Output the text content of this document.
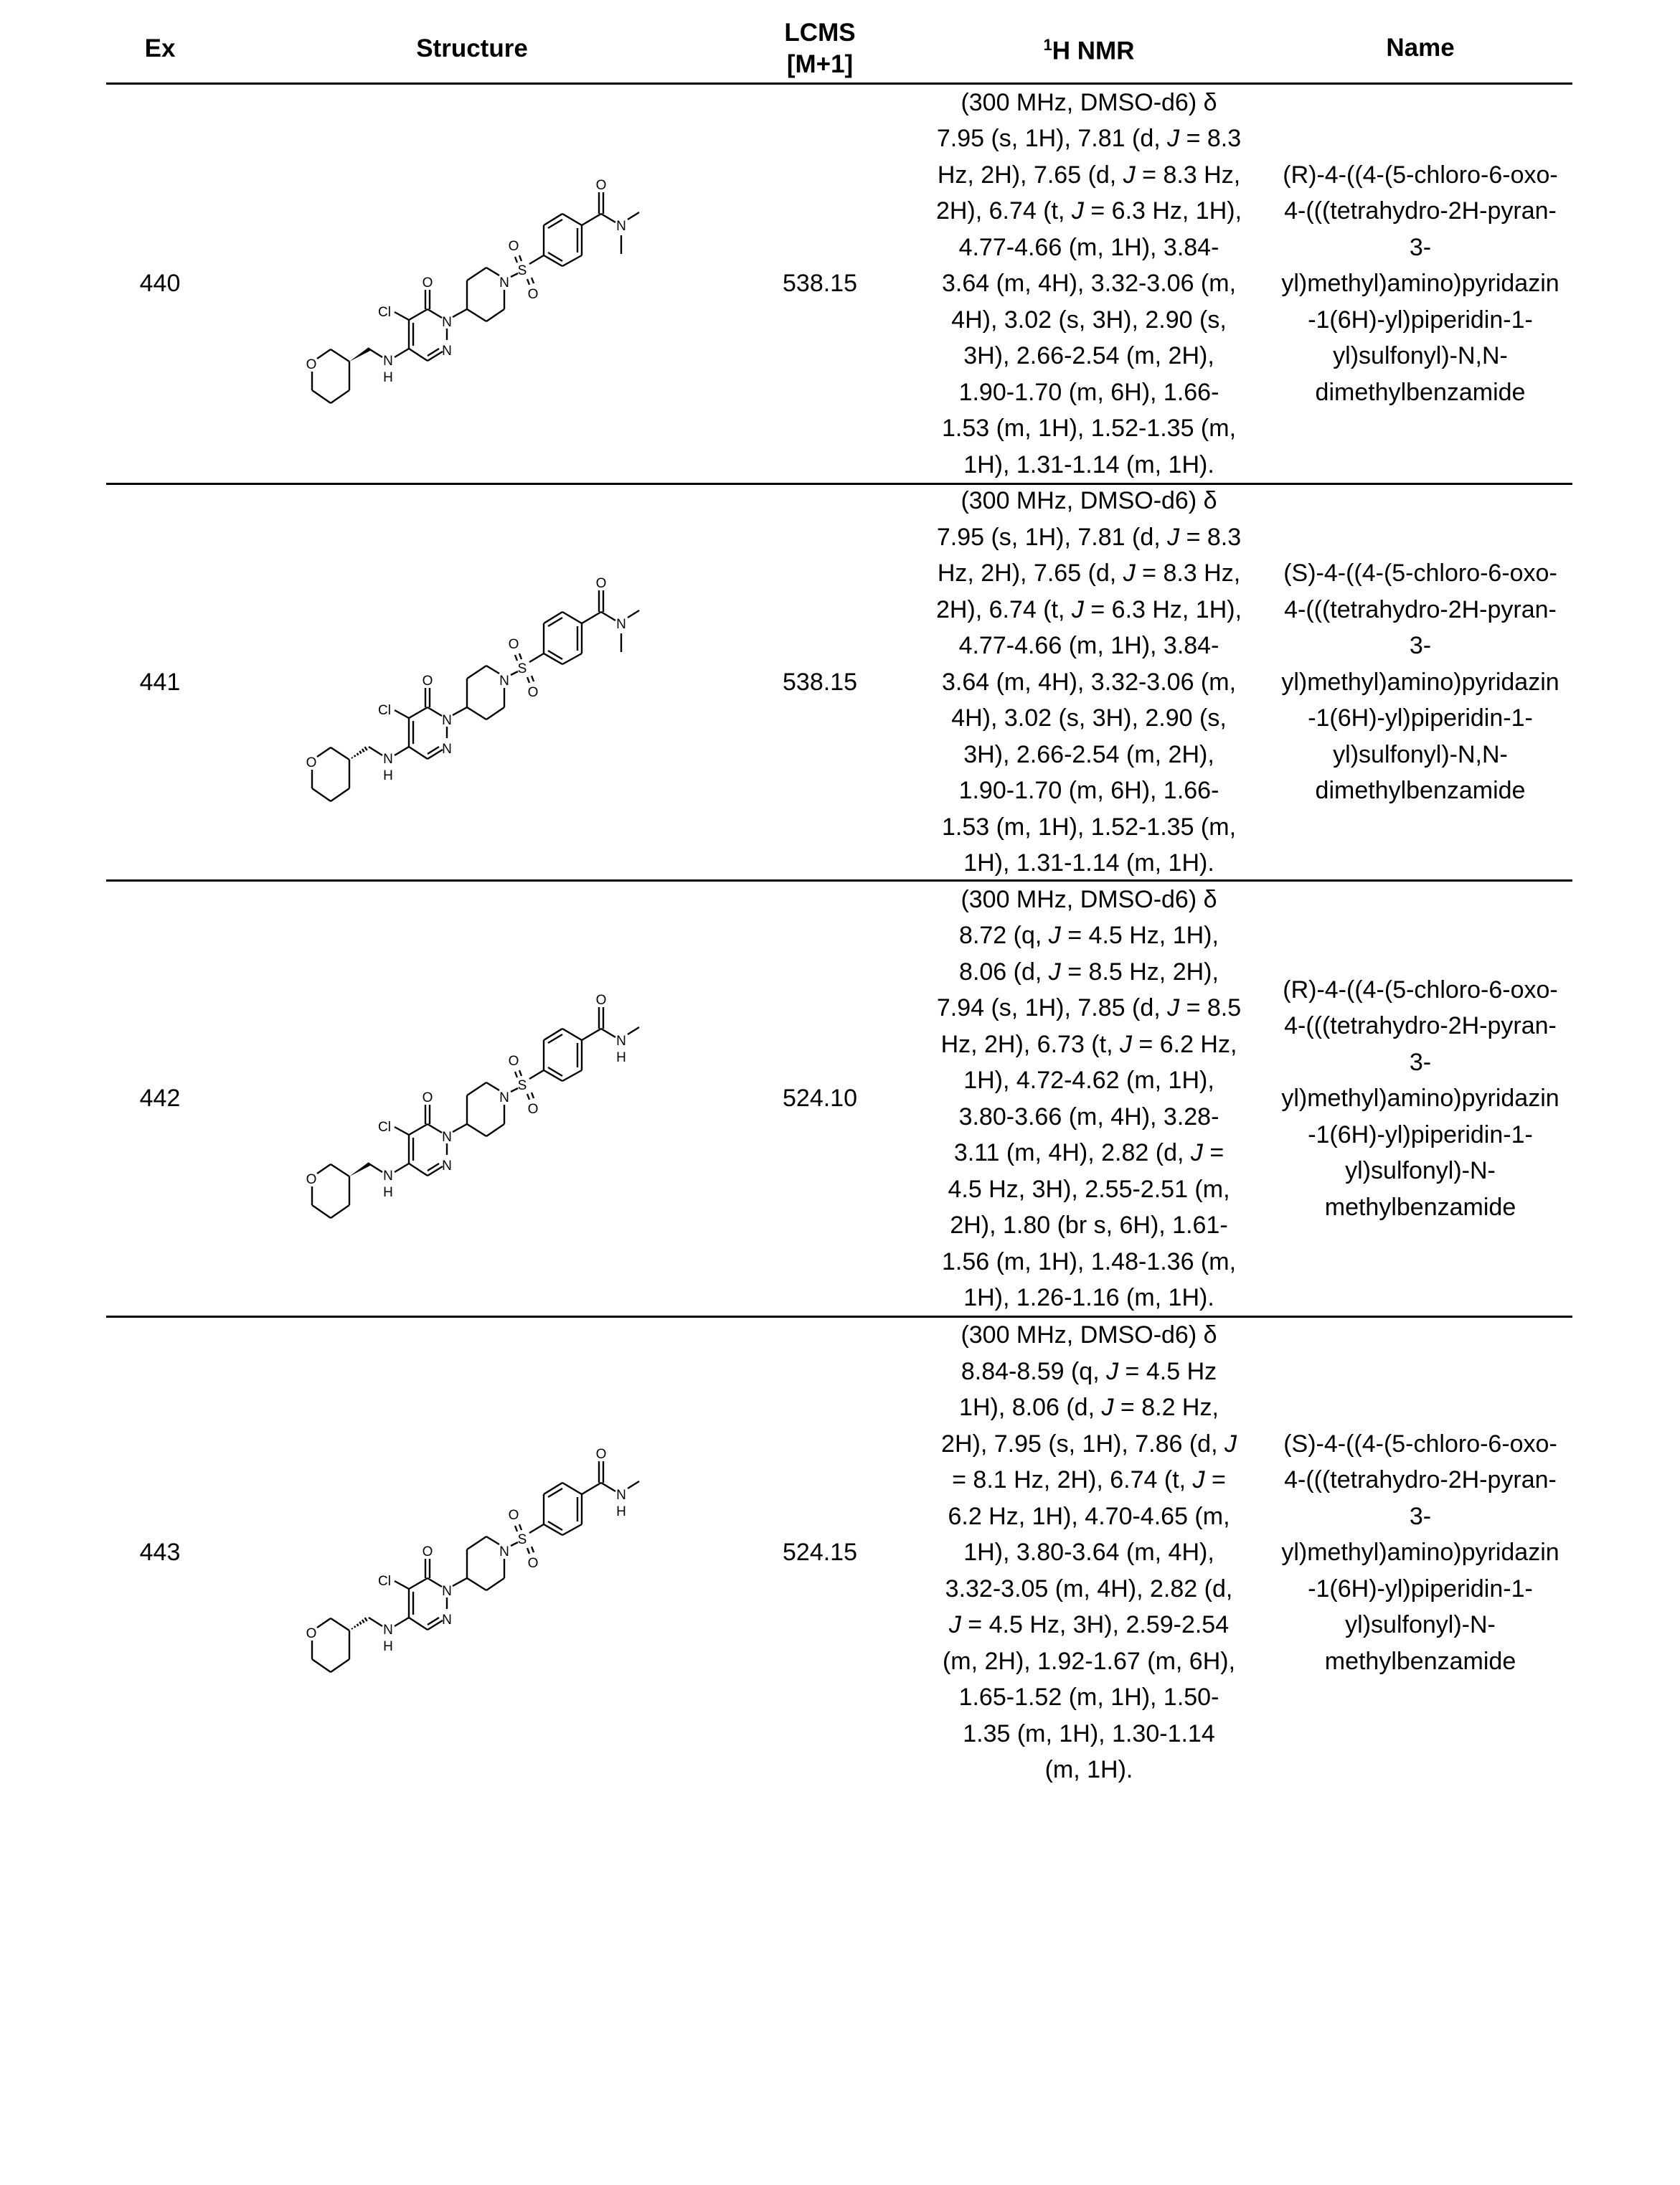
Ex	Structure
LCMS
[M+1]
1H NMR	Name
440
O	N
H
Cl
O
N
N
N
S
O
O
O
N
538.15
(300 MHz, DMSO-d6) δ
7.95 (s, 1H), 7.81 (d, J = 8.3
Hz, 2H), 7.65 (d, J = 8.3 Hz,
2H), 6.74 (t, J = 6.3 Hz, 1H),
4.77-4.66 (m, 1H), 3.84-
3.64 (m, 4H), 3.32-3.06 (m,
4H), 3.02 (s, 3H), 2.90 (s,
3H), 2.66-2.54 (m, 2H),
1.90-1.70 (m, 6H), 1.66-
1.53 (m, 1H), 1.52-1.35 (m,
1H), 1.31-1.14 (m, 1H).
(R)-4-((4-(5-chloro-6-oxo-
4-(((tetrahydro-2H-pyran-
3-
yl)methyl)amino)pyridazin
-1(6H)-yl)piperidin-1-
yl)sulfonyl)-N,N-
dimethylbenzamide
441
O	N
H
Cl
O
N
N
N
S
O
O
O
N
538.15
(300 MHz, DMSO-d6) δ
7.95 (s, 1H), 7.81 (d, J = 8.3
Hz, 2H), 7.65 (d, J = 8.3 Hz,
2H), 6.74 (t, J = 6.3 Hz, 1H),
4.77-4.66 (m, 1H), 3.84-
3.64 (m, 4H), 3.32-3.06 (m,
4H), 3.02 (s, 3H), 2.90 (s,
3H), 2.66-2.54 (m, 2H),
1.90-1.70 (m, 6H), 1.66-
1.53 (m, 1H), 1.52-1.35 (m,
1H), 1.31-1.14 (m, 1H).
(S)-4-((4-(5-chloro-6-oxo-
4-(((tetrahydro-2H-pyran-
3-
yl)methyl)amino)pyridazin
-1(6H)-yl)piperidin-1-
yl)sulfonyl)-N,N-
dimethylbenzamide
442
O	N
H
Cl
O
N
N
N
S
O
O
O
N
H
524.10
(300 MHz, DMSO-d6) δ
8.72 (q, J = 4.5 Hz, 1H),
8.06 (d, J = 8.5 Hz, 2H),
7.94 (s, 1H), 7.85 (d, J = 8.5
Hz, 2H), 6.73 (t, J = 6.2 Hz,
1H), 4.72-4.62 (m, 1H),
3.80-3.66 (m, 4H), 3.28-
3.11 (m, 4H), 2.82 (d, J =
4.5 Hz, 3H), 2.55-2.51 (m,
2H), 1.80 (br s, 6H), 1.61-
1.56 (m, 1H), 1.48-1.36 (m,
1H), 1.26-1.16 (m, 1H).
(R)-4-((4-(5-chloro-6-oxo-
4-(((tetrahydro-2H-pyran-
3-
yl)methyl)amino)pyridazin
-1(6H)-yl)piperidin-1-
yl)sulfonyl)-N-
methylbenzamide
443
O	N
H
Cl
O
N
N
N
S
O
O
O
N
H
524.15
(300 MHz, DMSO-d6) δ
8.84-8.59 (q, J = 4.5 Hz
1H), 8.06 (d, J = 8.2 Hz,
2H), 7.95 (s, 1H), 7.86 (d, J
= 8.1 Hz, 2H), 6.74 (t, J =
6.2 Hz, 1H), 4.70-4.65 (m,
1H), 3.80-3.64 (m, 4H),
3.32-3.05 (m, 4H), 2.82 (d,
J = 4.5 Hz, 3H), 2.59-2.54
(m, 2H), 1.92-1.67 (m, 6H),
1.65-1.52 (m, 1H), 1.50-
1.35 (m, 1H), 1.30-1.14
(m, 1H).
(S)-4-((4-(5-chloro-6-oxo-
4-(((tetrahydro-2H-pyran-
3-
yl)methyl)amino)pyridazin
-1(6H)-yl)piperidin-1-
yl)sulfonyl)-N-
methylbenzamide
